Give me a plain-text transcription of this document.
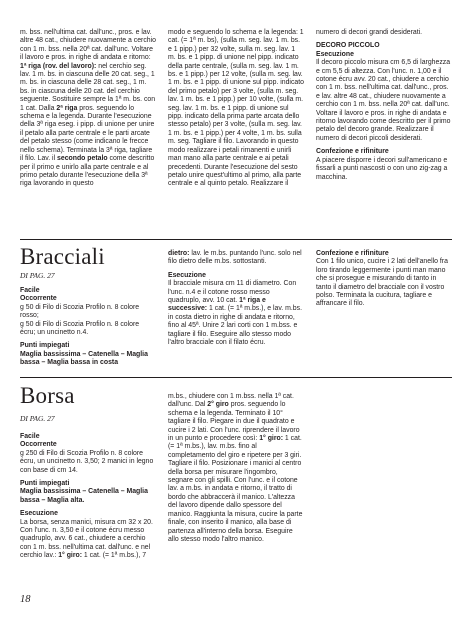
m. bss. nell'ultima cat. dall'unc., pros. e lav. altre 48 cat., chiudere nuovamente a cerchio con 1 m. bss. nella 20ª cat. dall'unc. Voltare il lavoro e pros. in righe di andata e ritorno: 1ª riga (rov. del lavoro): nel cerchio seg. lav. 1 m. bs. in ciascuna delle 20 cat. seg., 1 m. bs. in ciascuna delle 28 cat. seg., 1 m. bs. in ciascuna delle 20 cat. del cerchio seguente. Sostituire sempre la 1ª m. bs. con 1 cat. Dalla 2ª riga pros. seguendo lo schema e la legenda. Durante l'esecuzione della 3ª riga eseg. i pipp. di unione per unire il petalo alla parte centrale e le parti arcate del petalo stesso (come indicano le frecce nello schema). Terminata la 3ª riga, tagliare il filo. Lav. il secondo petalo come descritto per il primo e unirlo alla parte centrale e al primo petalo durante l'esecuzione della 3ª riga lavorando in questo

modo e seguendo lo schema e la legenda: 1 cat. (= 1ª m. bs), (sulla m. seg. lav. 1 m. bs. e 1 pipp.) per 32 volte, sulla m. seg. lav. 1 m. bs. e 1 pipp. di unione nel pipp. indicato della parte centrale, (sulla m. seg. lav. 1 m. bs. e 1 pipp.) per 12 volte, (sulla m. seg. lav. 1 m. bs. e 1 pipp. di unione sul pipp. indicato del primo petalo) per 3 volte, (sulla m. seg. lav. 1 m. bs. e 1 pipp.) per 10 volte, (sulla m. seg. lav. 1 m. bs. e 1 pipp. di unione sul pipp. indicato della prima parte arcata dello stesso petalo) per 3 volte, (sulla m. seg. lav. 1 m. bs. e 1 pipp.) per 4 volte, 1 m. bs. sulla m. seg. Tagliare il filo. Lavorando in questo modo realizzare i petali rimanenti e unirli man mano alla parte centrale e ai petali precedenti. Durante l'esecuzione del sesto petalo unire quest'ultimo al primo, alla parte centrale e al quinto petalo. Realizzare il

numero di decori grandi desiderati.

DECORO PICCOLO

Esecuzione

Il decoro piccolo misura cm 6,5 di larghezza e cm 5,5 di altezza. Con l'unc. n. 1,00 e il cotone écru avv. 20 cat., chiudere a cerchio con 1 m. bss. nell'ultima cat. dall'unc., pros. e lav. altre 48 cat., chiudere nuovamente a cerchio con 1 m. bss. nella 20ª cat. dall'unc. Voltare il lavoro e pros. in righe di andata e ritorno lavorando come descritto per il primo petalo del decoro grande. Realizzare il numero di decori piccoli desiderati.

Confezione e rifiniture

A piacere disporre i decori sull'americano e fissarli a punti nascosti o con uno zig-zag a macchina.

Bracciali
DI PAG. 27

Facile

Occorrente

g 50 di Filo di Scozia Profilo n. 8 colore rosso;

g 50 di Filo di Scozia Profilo n. 8 colore écru; un uncinetto n.4.

Punti impiegati

Maglia bassissima – Catenella – Maglia bassa – Maglia bassa in costa

dietro: lav. le m.bs. puntando l'unc. solo nel filo dietro delle m.bs. sottostanti.

Esecuzione

Il bracciale misura cm 11 di diametro. Con l'unc. n.4 e il cotone rosso messo quadruplo, avv. 10 cat. 1ª riga e successive: 1 cat. (= 1ª m.bs.), e lav. m.bs. in costa dietro in righe di andata e ritorno, fino al 45ª. Unire 2 lari corti con 1 m.bss. e tagliare il filo. Eseguire allo stesso modo l'altro bracciale con il filato écru.

Confezione e rifiniture

Con 1 filo unico, cucire i 2 lati dell'anello fra loro tirando leggermente i punti man mano che si prosegue e misurando di tanto in tanto il diametro del bracciale con il vostro polso. Terminata la cucitura, tagliare e affrancare il filo.

Borsa
DI PAG. 27

Facile

Occorrente

g 250 di Filo di Scozia Profilo n. 8 colore écru, un uncinetto n. 3,50; 2 manici in legno con base di cm 14.

Punti impiegati

Maglia bassissima – Catenella – Maglia bassa – Maglia alta.

Esecuzione

La borsa, senza manici, misura cm 32 x 20. Con l'unc. n. 3,50 e il cotone écru messo quadruplo, avv. 6 cat., chiudere a cerchio con 1 m. bss. nell'ultima cat. dall'unc. e nel cerchio lav.: 1° giro: 1 cat. (= 1ª m.bs.), 7

m.bs., chiudere con 1 m.bss. nella 1ª cat. dall'unc. Dal 2° giro pros. seguendo lo schema e la legenda. Terminato il 10° tagliare il filo. Piegare in due il quadrato e cucire i 2 lati. Con l'unc. riprendere il lavoro in un punto e procedere così: 1° giro: 1 cat. (= 1ª m.bs.), lav. m.bs. fino al completamento del giro e ripetere per 3 giri. Tagliare il filo. Posizionare i manici al centro della borsa per misurare l'ingombro, segnare con gli spilli. Con l'unc. e il cotone lav. a m.bs. in andata e ritorno, il tratto di bordo che abbraccerà il manico. L'altezza del lavoro dipende dallo spessore del manico. Raggiunta la misura, cucire la parte finale, con inserito il manico, alla base di partenza all'interno della borsa. Eseguire allo stesso modo l'altro manico.

18
